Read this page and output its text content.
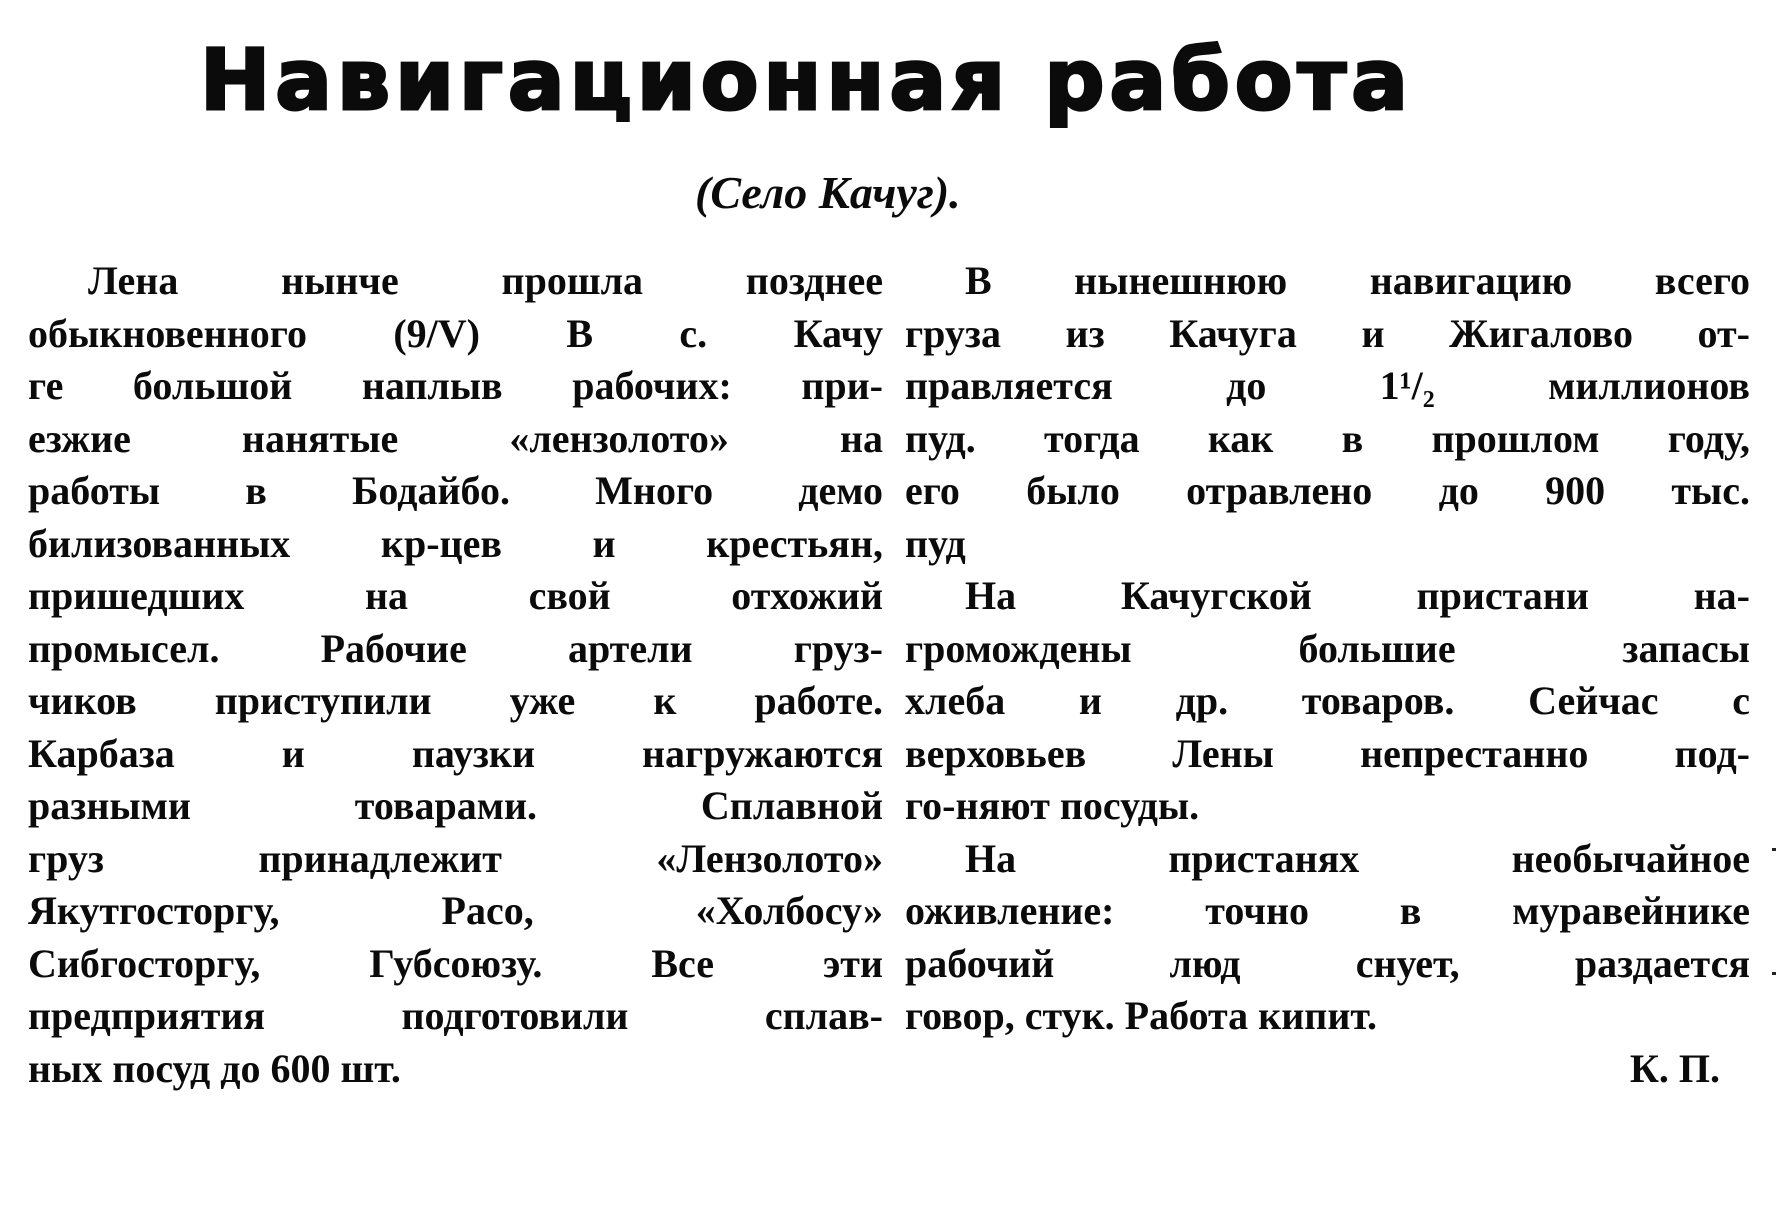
Навигационная работа
(Село Качуг).
Лена нынче прошла позднее
обыкновенного (9/V) В с. Качу
ге большой наплыв рабочих: при-
езжие нанятые «лензолото» на
работы в Бодайбо. Много демо
билизованных кр-цев и крестьян,
пришедших на свой отхожий
промысел. Рабочие артели груз-
чиков приступили уже к работе.
Карбаза и паузки нагружаются
разными товарами. Сплавной
груз принадлежит «Лензолото»
Якутгосторгу, Расо, «Холбосу»
Сибгосторгу, Губсоюзу. Все эти
предприятия подготовили сплав-
ных посуд до 600 шт.
В нынешнюю навигацию всего
груза из Качуга и Жигалово от-
правляется до 1¹/₂ миллионов
пуд. тогда как в прошлом году,
его было отравлено до 900 тыс.
пуд
На Качугской пристани на-
громождены большие запасы
хлеба и др. товаров. Сейчас с
верховьев Лены непрестанно под-
го-няют посуды.
На пристанях необычайное
оживление: точно в муравейнике
рабочий люд снует, раздается
говор, стук. Работа кипит.
К. П.
